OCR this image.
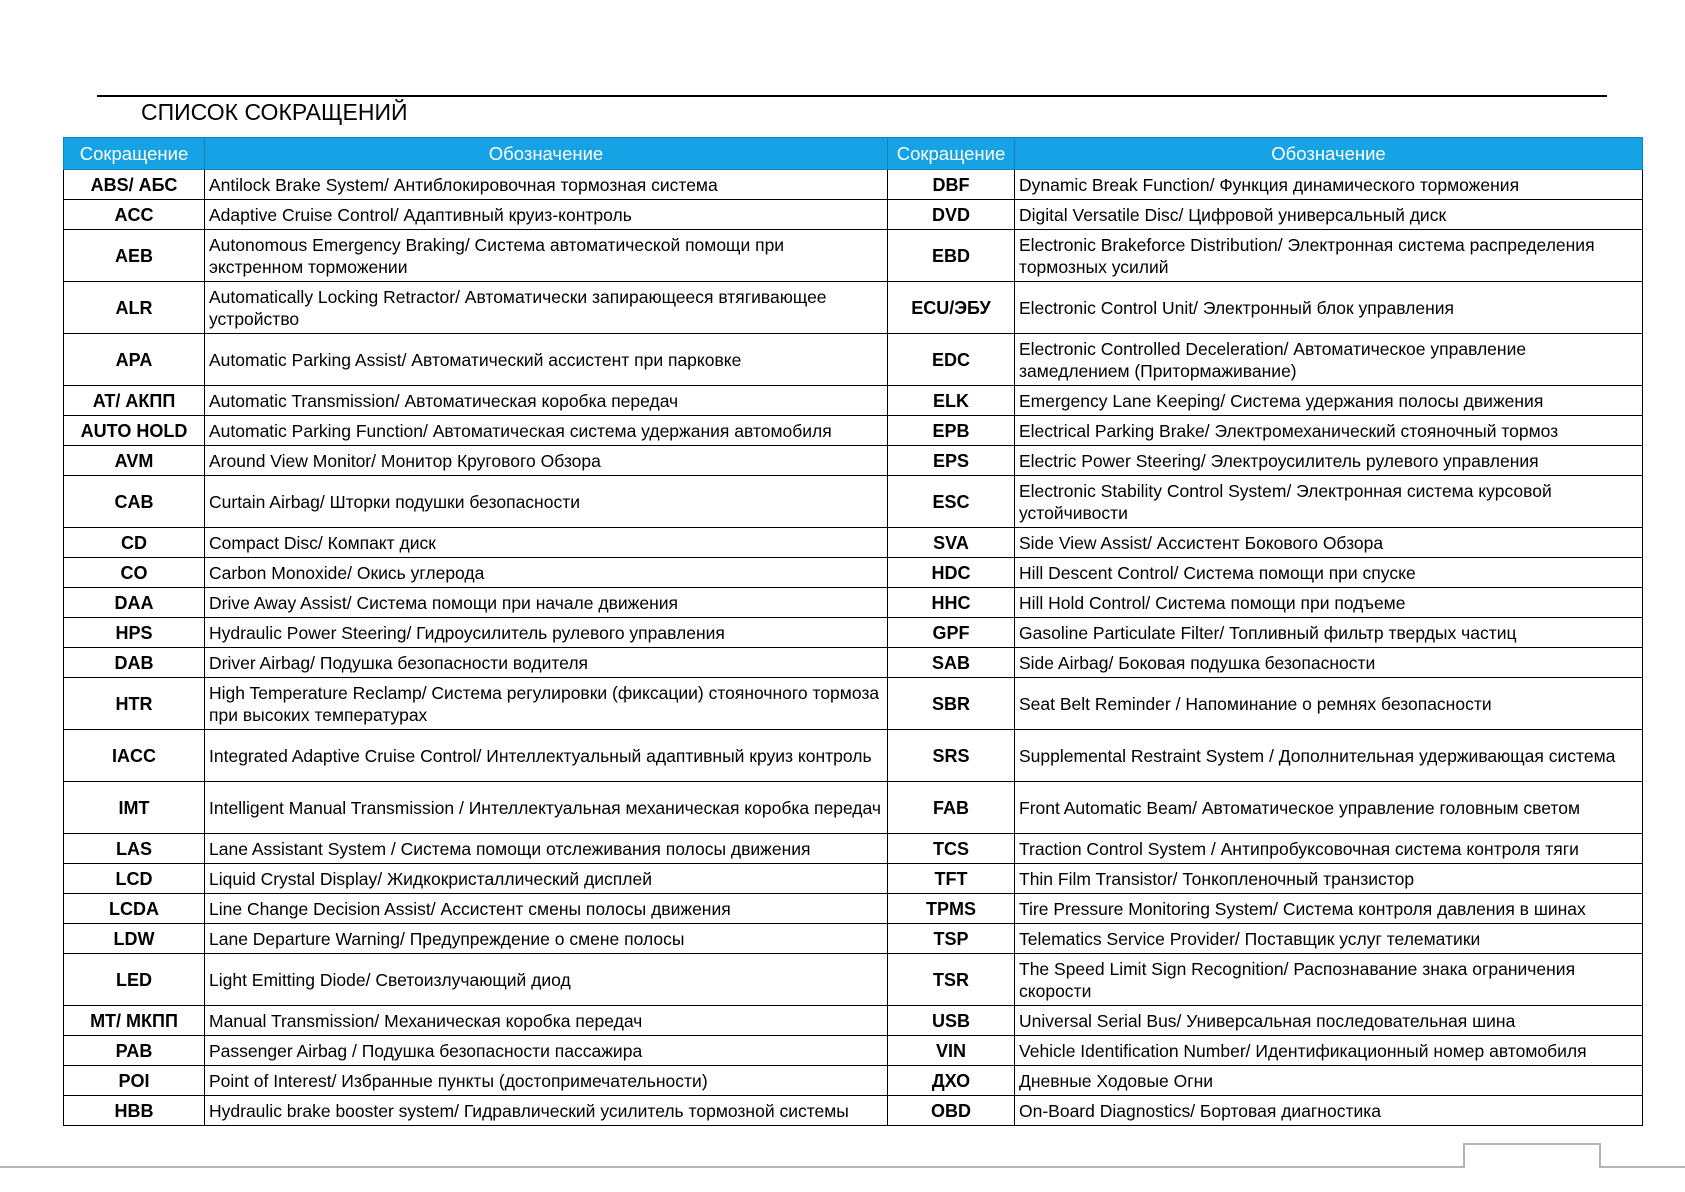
СПИСОК СОКРАЩЕНИЙ
Сокращение	Обозначение	Сокращение	Обозначение
ABS/ АБС	Antilock Brake System/ Антиблокировочная тормозная система	DBF	Dynamic Break Function/ Функция динамического торможения
ACC	Adaptive Cruise Control/ Адаптивный круиз-контроль	DVD	Digital Versatile Disc/ Цифровой универсальный диск
AEB	Autonomous Emergency Braking/ Система автоматической помощи при экстренном торможении	EBD	Electronic Brakeforce Distribution/ Электронная система распределения тормозных усилий
ALR	Automatically Locking Retractor/ Автоматически запирающееся втягивающее устройство	ECU/ЭБУ	Electronic Control Unit/ Электронный блок управления
APA	Automatic Parking Assist/ Автоматический ассистент при парковке	EDC	Electronic Controlled Deceleration/ Автоматическое управление замедлением (Притормаживание)
AT/ АКПП	Automatic Transmission/ Автоматическая коробка передач	ELK	Emergency Lane Keeping/ Система удержания полосы движения
AUTO HOLD	Automatic Parking Function/ Автоматическая система удержания автомобиля	EPB	Electrical Parking Brake/ Электромеханический стояночный тормоз
AVM	Around View Monitor/ Монитор Кругового Обзора	EPS	Electric Power Steering/ Электроусилитель рулевого управления
CAB	Curtain Airbag/ Шторки подушки безопасности	ESC	Electronic Stability Control System/ Электронная система курсовой устойчивости
CD	Compact Disc/ Компакт диск	SVA	Side View Assist/ Ассистент Бокового Обзора
CO	Carbon Monoxide/ Окись углерода	HDC	Hill Descent Control/ Система помощи при спуске
DAA	Drive Away Assist/ Система помощи при начале движения	HHC	Hill Hold Control/ Система помощи при подъеме
HPS	Hydraulic Power Steering/ Гидроусилитель рулевого управления	GPF	Gasoline Particulate Filter/ Топливный фильтр твердых частиц
DAB	Driver Airbag/ Подушка безопасности водителя	SAB	Side Airbag/ Боковая подушка безопасности
HTR	High Temperature Reclamp/ Система регулировки (фиксации) стояночного тормоза при высоких температурах	SBR	Seat Belt Reminder / Напоминание о ремнях безопасности
IACC	Integrated Adaptive Cruise Control/ Интеллектуальный адаптивный круиз контроль	SRS	Supplemental Restraint System / Дополнительная удерживающая система
IMT	Intelligent Manual Transmission / Интеллектуальная механическая коробка передач	FAB	Front Automatic Beam/ Автоматическое управление головным светом
LAS	Lane Assistant System / Система помощи отслеживания полосы движения	TCS	Traction Control System / Антипробуксовочная система контроля тяги
LCD	Liquid Crystal Display/ Жидкокристаллический дисплей	TFT	Thin Film Transistor/ Тонкопленочный транзистор
LCDA	Line Change Decision Assist/ Ассистент смены полосы движения	TPMS	Tire Pressure Monitoring System/ Система контроля давления в шинах
LDW	Lane Departure Warning/ Предупреждение о смене полосы	TSP	Telematics Service Provider/ Поставщик услуг телематики
LED	Light Emitting Diode/ Светоизлучающий диод	TSR	The Speed Limit Sign Recognition/ Распознавание знака ограничения скорости
MT/ МКПП	Manual Transmission/ Механическая коробка передач	USB	Universal Serial Bus/ Универсальная последовательная шина
PAB	Passenger Airbag / Подушка безопасности пассажира	VIN	Vehicle Identification Number/ Идентификационный номер автомобиля
POI	Point of Interest/ Избранные пункты (достопримечательности)	ДХО	Дневные Ходовые Огни
HBB	Hydraulic brake booster system/ Гидравлический усилитель тормозной системы	OBD	On-Board Diagnostics/ Бортовая диагностика
